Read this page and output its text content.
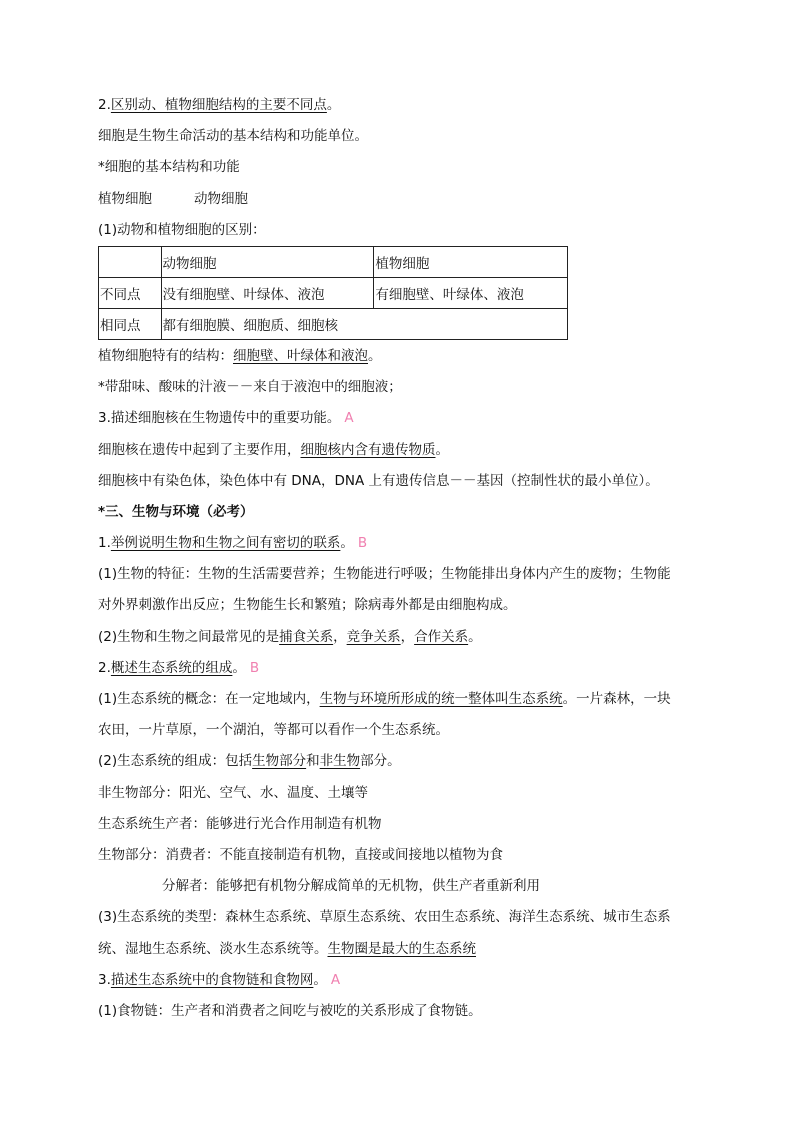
2.区别动、植物细胞结构的主要不同点。
细胞是生物生命活动的基本结构和功能单位。
*细胞的基本结构和功能
植物细胞	动物细胞
(1)动物和植物细胞的区别：
	动物细胞	植物细胞
不同点	没有细胞壁、叶绿体、液泡	有细胞壁、叶绿体、液泡
相同点	都有细胞膜、细胞质、细胞核	
植物细胞特有的结构：细胞壁、叶绿体和液泡。
*带甜味、酸味的汁液－－来自于液泡中的细胞液；
3.描述细胞核在生物遗传中的重要功能。 A
细胞核在遗传中起到了主要作用，细胞核内含有遗传物质。
细胞核中有染色体，染色体中有 DNA，DNA 上有遗传信息－－基因（控制性状的最小单位）。
*三、生物与环境（必考）
1.举例说明生物和生物之间有密切的联系。 B
(1)生物的特征：生物的生活需要营养；生物能进行呼吸；生物能排出身体内产生的废物；生物能
对外界刺激作出反应；生物能生长和繁殖；除病毒外都是由细胞构成。
(2)生物和生物之间最常见的是捕食关系，竞争关系，合作关系。
2.概述生态系统的组成。 B
(1)生态系统的概念：在一定地域内，生物与环境所形成的统一整体叫生态系统。一片森林，一块
农田，一片草原，一个湖泊，等都可以看作一个生态系统。
(2)生态系统的组成：包括生物部分和非生物部分。
非生物部分：阳光、空气、水、温度、土壤等
生态系统生产者：能够进行光合作用制造有机物
生物部分：消费者：不能直接制造有机物，直接或间接地以植物为食
分解者：能够把有机物分解成简单的无机物，供生产者重新利用
(3)生态系统的类型：森林生态系统、草原生态系统、农田生态系统、海洋生态系统、城市生态系
统、湿地生态系统、淡水生态系统等。生物圈是最大的生态系统
3.描述生态系统中的食物链和食物网。 A
(1)食物链：生产者和消费者之间吃与被吃的关系形成了食物链。
